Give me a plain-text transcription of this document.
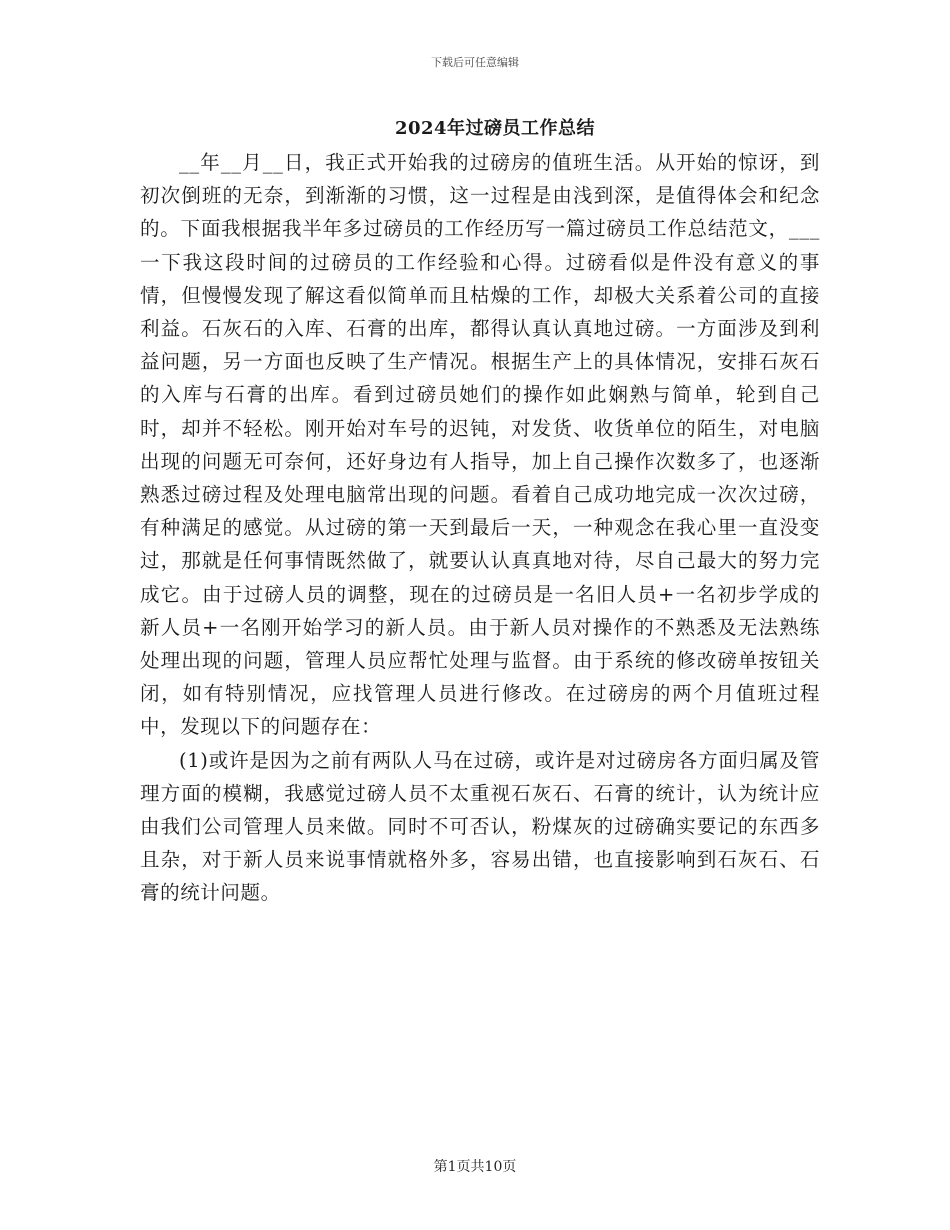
下载后可任意编辑
2024年过磅员工作总结

__年__月__日，我正式开始我的过磅房的值班生活。从开始的惊讶，到初次倒班的无奈，到渐渐的习惯，这一过程是由浅到深，是值得体会和纪念的。下面我根据我半年多过磅员的工作经历写一篇过磅员工作总结范文，___一下我这段时间的过磅员的工作经验和心得。过磅看似是件没有意义的事情，但慢慢发现了解这看似简单而且枯燥的工作，却极大关系着公司的直接利益。石灰石的入库、石膏的出库，都得认真认真地过磅。一方面涉及到利益问题，另一方面也反映了生产情况。根据生产上的具体情况，安排石灰石的入库与石膏的出库。看到过磅员她们的操作如此娴熟与简单，轮到自己时，却并不轻松。刚开始对车号的迟钝，对发货、收货单位的陌生，对电脑出现的问题无可奈何，还好身边有人指导，加上自己操作次数多了，也逐渐熟悉过磅过程及处理电脑常出现的问题。看着自己成功地完成一次次过磅，有种满足的感觉。从过磅的第一天到最后一天，一种观念在我心里一直没变过，那就是任何事情既然做了，就要认认真真地对待，尽自己最大的努力完成它。由于过磅人员的调整，现在的过磅员是一名旧人员+一名初步学成的新人员+一名刚开始学习的新人员。由于新人员对操作的不熟悉及无法熟练处理出现的问题，管理人员应帮忙处理与监督。由于系统的修改磅单按钮关闭，如有特别情况，应找管理人员进行修改。在过磅房的两个月值班过程中，发现以下的问题存在：

(1)或许是因为之前有两队人马在过磅，或许是对过磅房各方面归属及管理方面的模糊，我感觉过磅人员不太重视石灰石、石膏的统计，认为统计应由我们公司管理人员来做。同时不可否认，粉煤灰的过磅确实要记的东西多且杂，对于新人员来说事情就格外多，容易出错，也直接影响到石灰石、石膏的统计问题。

第1页共10页
